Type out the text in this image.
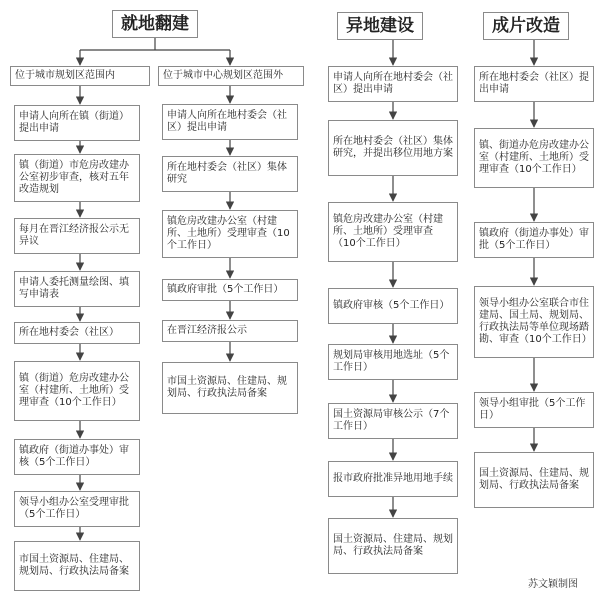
就地翻建
位于城市规划区范围内
申请人向所在镇（街道）提出申请
镇（街道）市危房改建办公室初步审查，核对五年改造规划
每月在晋江经济报公示无异议
申请人委托测量绘图、填写申请表
所在地村委会（社区）
镇（街道）危房改建办公室（村建所、土地所）受理审查（10个工作日）
镇政府（街道办事处）审核（5个工作日）
领导小组办公室受理审批（5个工作日）
市国土资源局、住建局、规划局、行政执法局备案
位于城市中心规划区范围外
申请人向所在地村委会（社区）提出申请
所在地村委会（社区）集体研究
镇危房改建办公室（村建所、土地所）受理审查（10个工作日）
镇政府审批（5个工作日）
在晋江经济报公示
市国土资源局、住建局、规划局、行政执法局备案
异地建设
申请人向所在地村委会（社区）提出申请
所在地村委会（社区）集体研究，并提出移位用地方案
镇危房改建办公室（村建所、土地所）受理审查（10个工作日）
镇政府审核（5个工作日）
规划局审核用地选址（5个工作日）
国土资源局审核公示（7个工作日）
报市政府批准异地用地手续
国土资源局、住建局、规划局、行政执法局备案
成片改造
所在地村委会（社区）提出申请
镇、街道办危房改建办公室（村建所、土地所）受理审查（10个工作日）
镇政府（街道办事处）审批（5个工作日）
领导小组办公室联合市住建局、国土局、规划局、行政执法局等单位现场踏勘、审查（10个工作日）
领导小组审批（5个工作日）
国土资源局、住建局、规划局、行政执法局备案
苏文颖制图
